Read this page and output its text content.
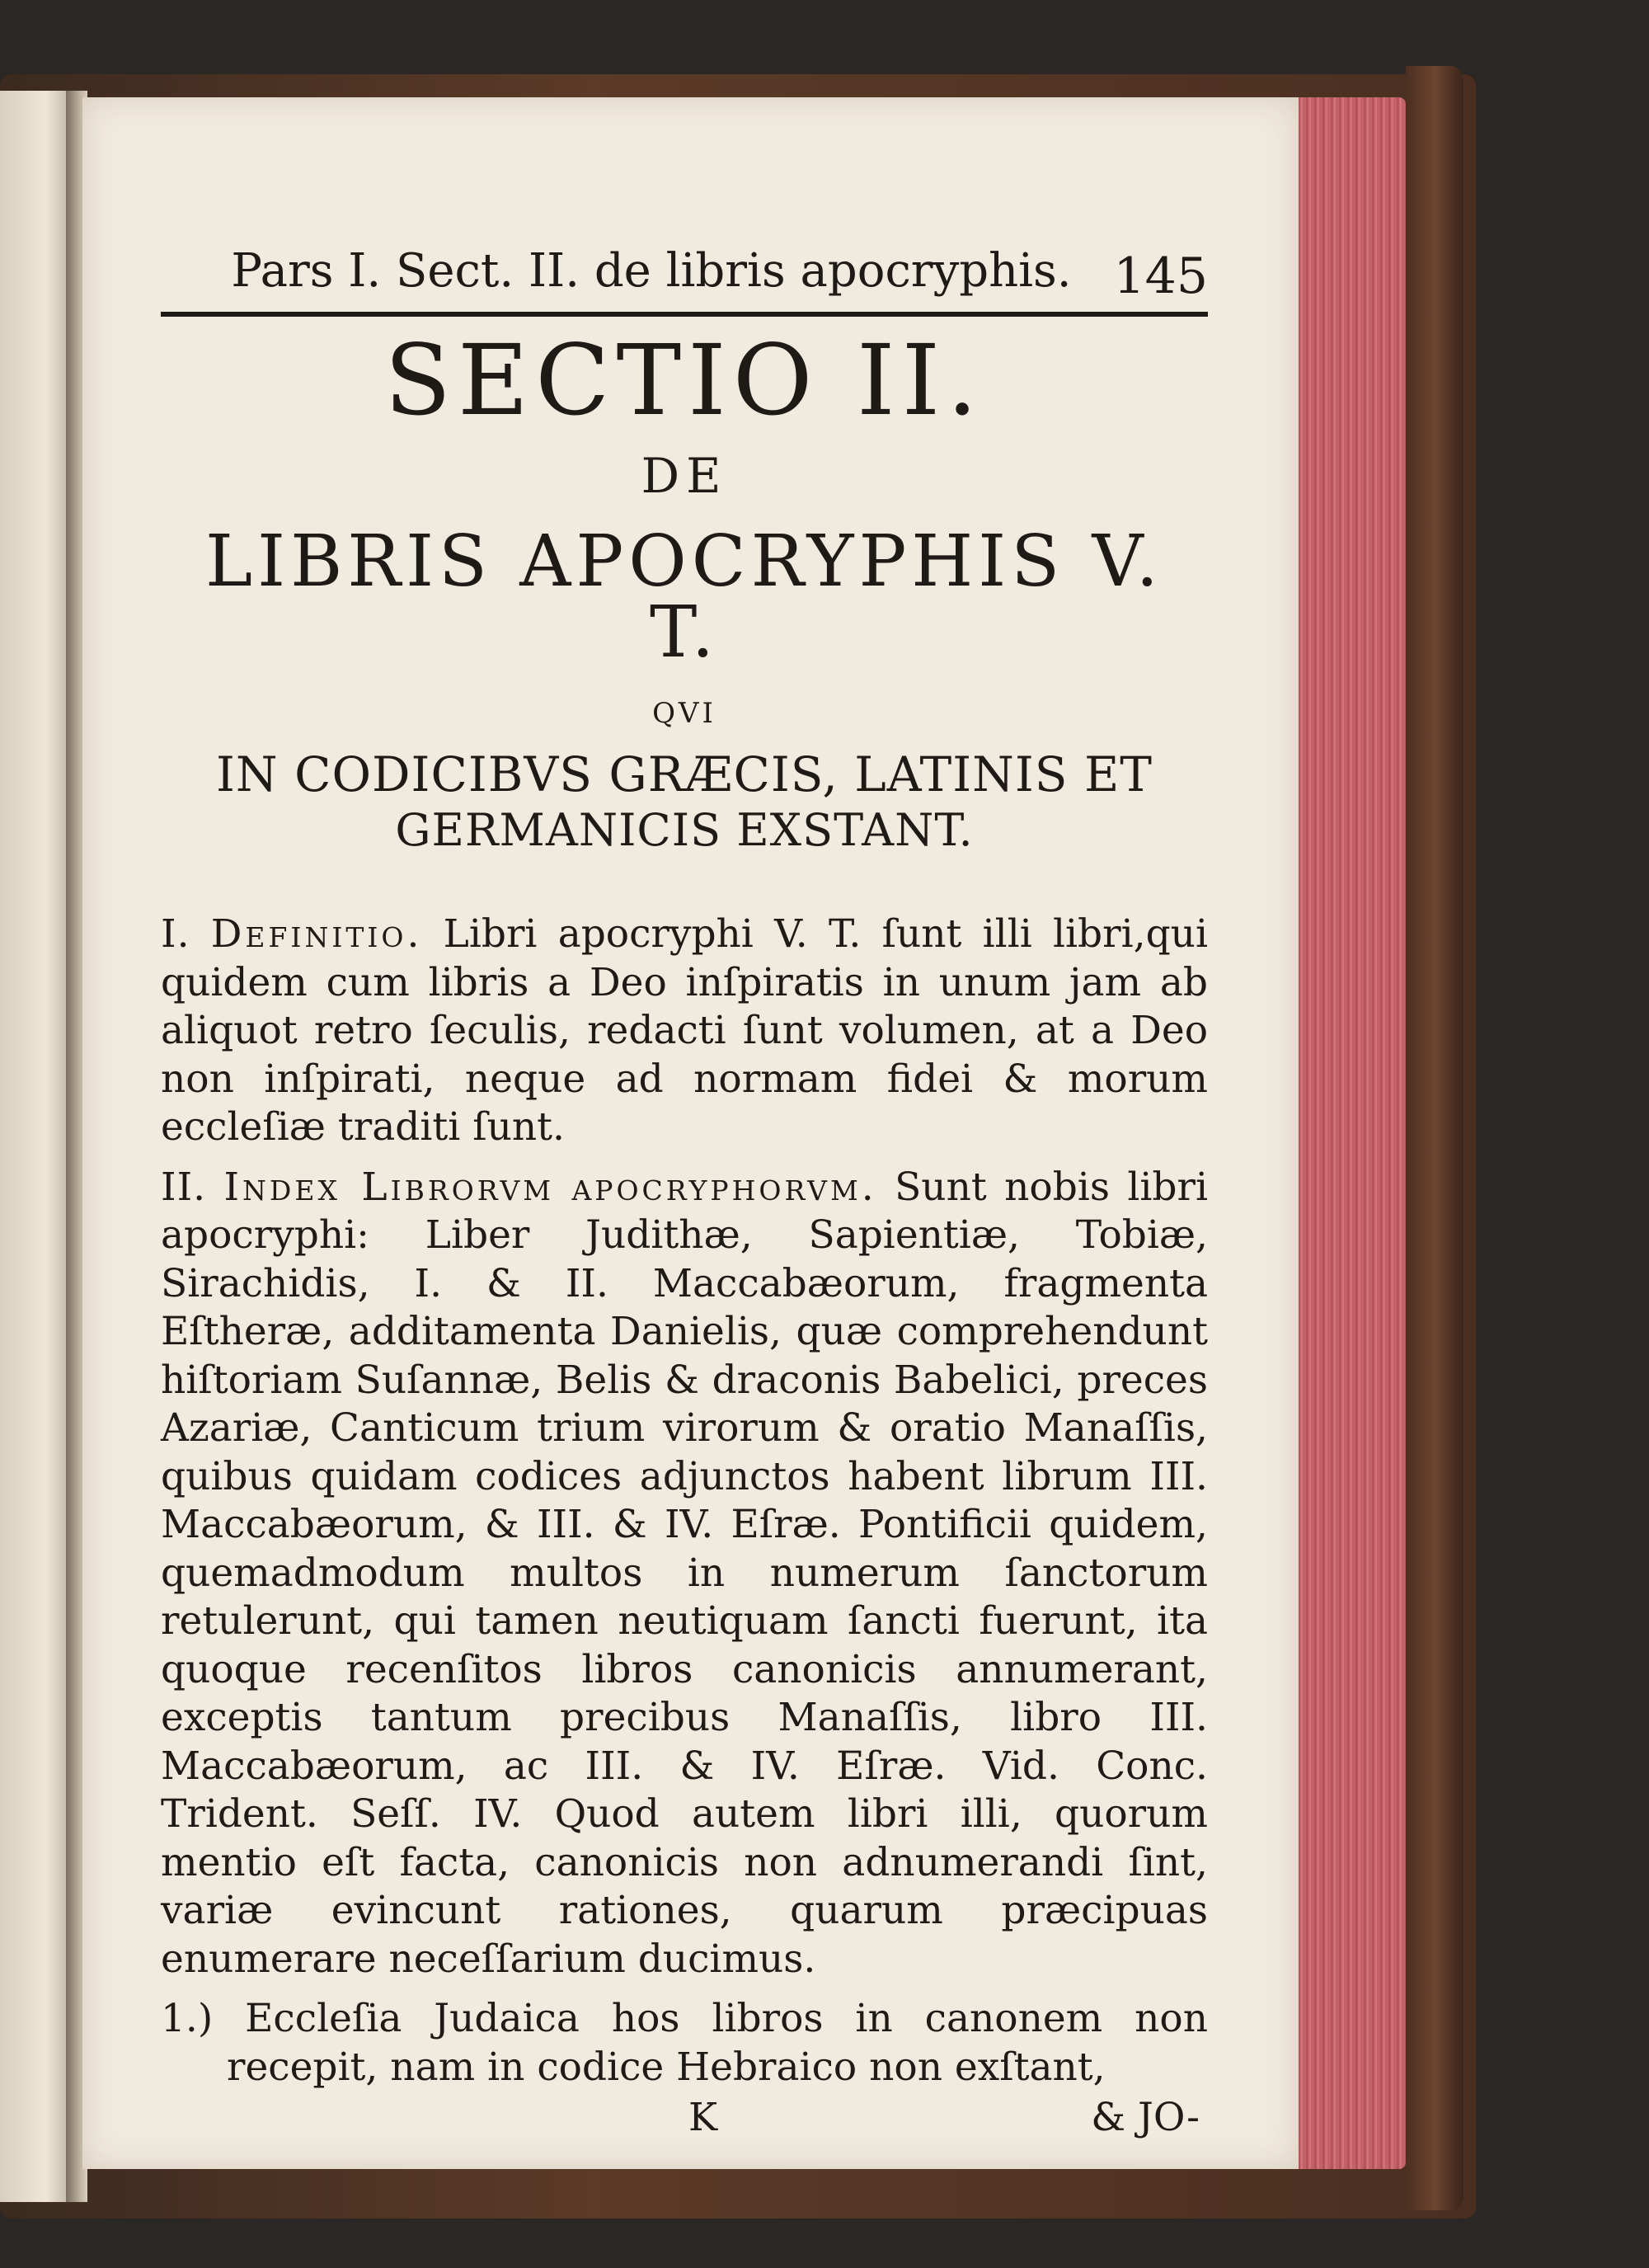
Pars I. Sect. II. de libris apocryphis. 145
SECTIO II.
DE
LIBRIS APOCRYPHIS V. T.
QVI
IN CODICIBVS GRÆCIS, LATINIS ET
GERMANICIS EXSTANT.
I. Definitio. Libri apocryphi V. T. ſunt illi libri,qui quidem cum libris a Deo inſpiratis in unum jam ab aliquot retro ſeculis, redacti ſunt volumen, at a Deo non inſpirati, neque ad normam fidei & morum eccleſiæ traditi ſunt.
II. Index Librorvm apocryphorvm. Sunt nobis libri apocryphi: Liber Judithæ, Sapientiæ, Tobiæ, Sirachidis, I. & II. Maccabæorum, fragmenta Eſtheræ, additamenta Danielis, quæ comprehendunt hiſtoriam Suſannæ, Belis & draconis Babelici, preces Azariæ, Canticum trium virorum & oratio Manaſſis, quibus quidam codices adjunctos habent librum III. Maccabæorum, & III. & IV. Eſræ. Pontificii quidem, quemadmodum multos in numerum ſanctorum retulerunt, qui tamen neutiquam ſancti fuerunt, ita quoque recenſitos libros canonicis annumerant, exceptis tantum precibus Manaſſis, libro III. Maccabæorum, ac III. & IV. Eſræ. Vid. Conc. Trident. Seſſ. IV. Quod autem libri illi, quorum mentio eſt facta, canonicis non adnumerandi ſint, variæ evincunt rationes, quarum præcipuas enumerare neceſſarium ducimus.
1.) Eccleſia Judaica hos libros in canonem non recepit, nam in codice Hebraico non exſtant,
K	& JO-
